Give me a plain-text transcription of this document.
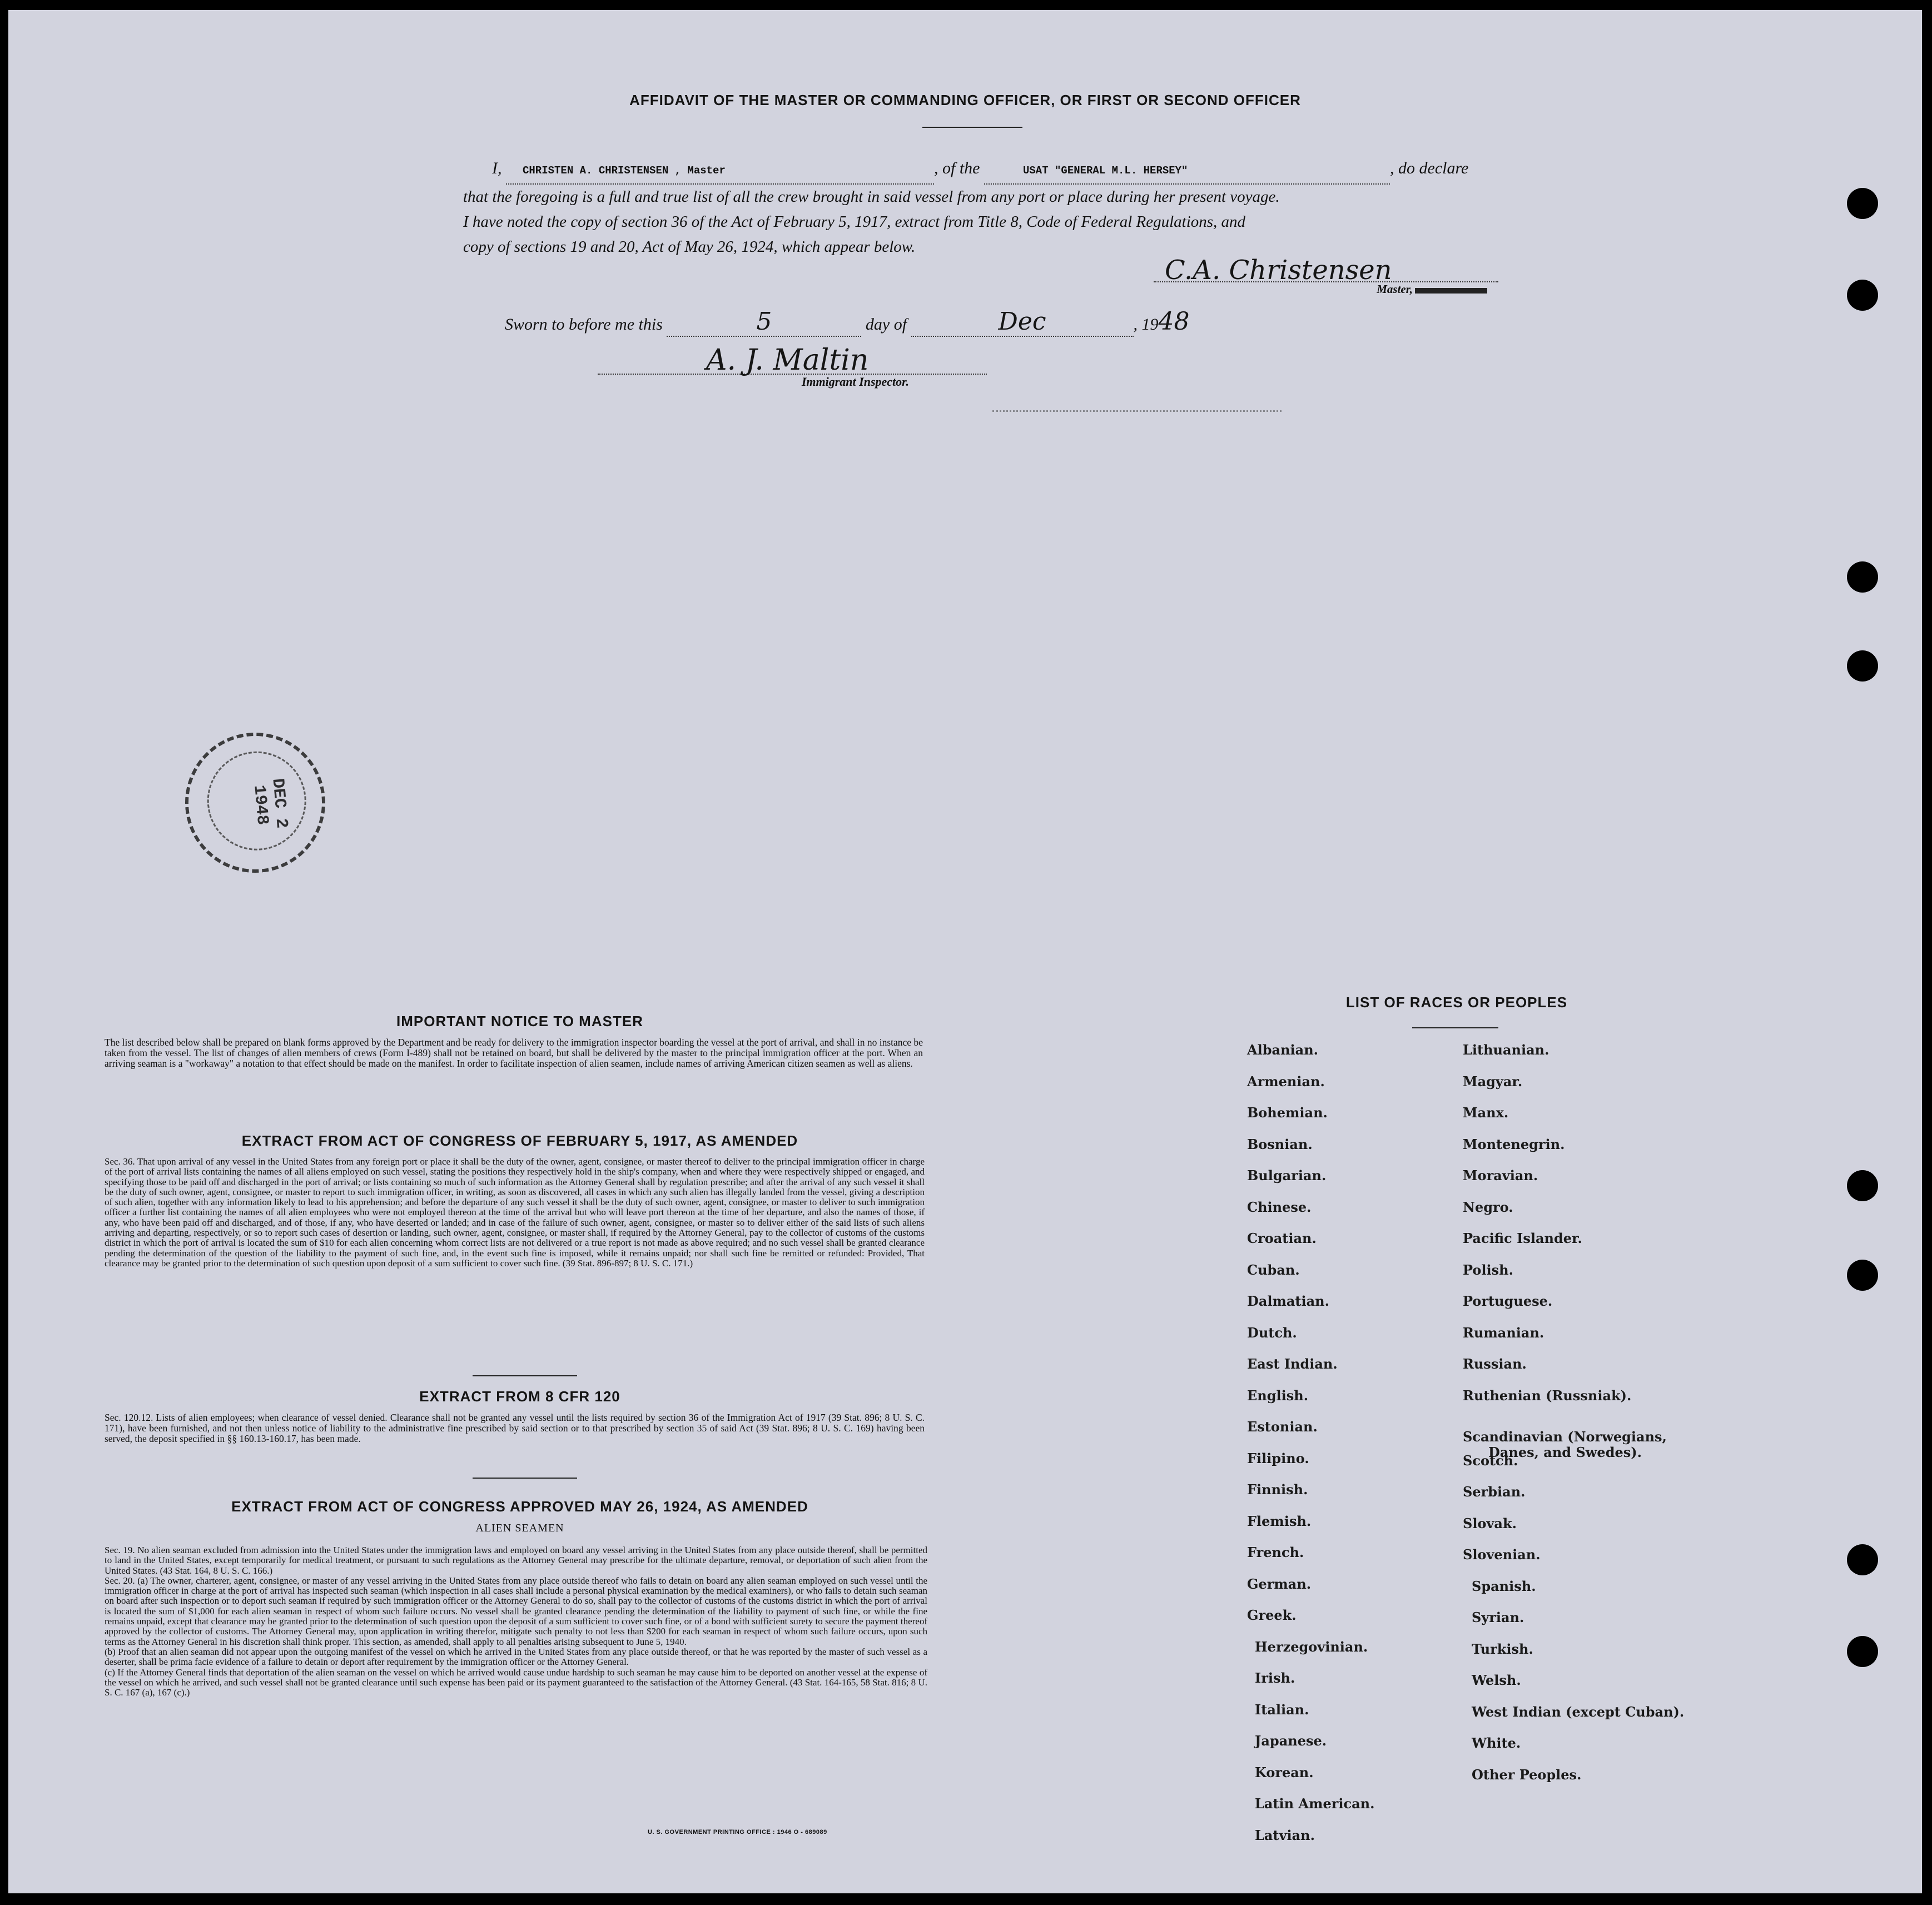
AFFIDAVIT OF THE MASTER OR COMMANDING OFFICER, OR FIRST OR SECOND OFFICER
I, CHRISTEN A. CHRISTENSEN , Master	, of the	USAT "GENERAL M.L. HERSEY"	, do declare
that the foregoing is a full and true list of all the crew brought in said vessel from any port or place during her present voyage.
I have noted the copy of section 36 of the Act of February 5, 1917, extract from Title 8, Code of Federal Regulations, and
copy of sections 19 and 20, Act of May 26, 1924, which appear below.
C.A. Christensen
Master,
Sworn to before me this	5	day of	Dec	, 1948
A. J. Maltin
Immigrant Inspector.
DEC 2 1948
IMPORTANT NOTICE TO MASTER
The list described below shall be prepared on blank forms approved by the Department and be ready for delivery to the immigration inspector boarding the vessel at the port of arrival, and shall in no instance be taken from the vessel. The list of changes of alien members of crews (Form I-489) shall not be retained on board, but shall be delivered by the master to the principal immigration officer at the port. When an arriving seaman is a "workaway" a notation to that effect should be made on the manifest. In order to facilitate inspection of alien seamen, include names of arriving American citizen seamen as well as aliens.
EXTRACT FROM ACT OF CONGRESS OF FEBRUARY 5, 1917, AS AMENDED
Sec. 36. That upon arrival of any vessel in the United States from any foreign port or place it shall be the duty of the owner, agent, consignee, or master thereof to deliver to the principal immigration officer in charge of the port of arrival lists containing the names of all aliens employed on such vessel, stating the positions they respectively hold in the ship's company, when and where they were respectively shipped or engaged, and specifying those to be paid off and discharged in the port of arrival; or lists containing so much of such information as the Attorney General shall by regulation prescribe; and after the arrival of any such vessel it shall be the duty of such owner, agent, consignee, or master to report to such immigration officer, in writing, as soon as discovered, all cases in which any such alien has illegally landed from the vessel, giving a description of such alien, together with any information likely to lead to his apprehension; and before the departure of any such vessel it shall be the duty of such owner, agent, consignee, or master to deliver to such immigration officer a further list containing the names of all alien employees who were not employed thereon at the time of the arrival but who will leave port thereon at the time of her departure, and also the names of those, if any, who have been paid off and discharged, and of those, if any, who have deserted or landed; and in case of the failure of such owner, agent, consignee, or master so to deliver either of the said lists of such aliens arriving and departing, respectively, or so to report such cases of desertion or landing, such owner, agent, consignee, or master shall, if required by the Attorney General, pay to the collector of customs of the customs district in which the port of arrival is located the sum of $10 for each alien concerning whom correct lists are not delivered or a true report is not made as above required; and no such vessel shall be granted clearance pending the determination of the question of the liability to the payment of such fine, and, in the event such fine is imposed, while it remains unpaid; nor shall such fine be remitted or refunded: Provided, That clearance may be granted prior to the determination of such question upon deposit of a sum sufficient to cover such fine. (39 Stat. 896-897; 8 U. S. C. 171.)
EXTRACT FROM 8 CFR 120
Sec. 120.12. Lists of alien employees; when clearance of vessel denied. Clearance shall not be granted any vessel until the lists required by section 36 of the Immigration Act of 1917 (39 Stat. 896; 8 U. S. C. 171), have been furnished, and not then unless notice of liability to the administrative fine prescribed by said section or to that prescribed by section 35 of said Act (39 Stat. 896; 8 U. S. C. 169) having been served, the deposit specified in §§ 160.13-160.17, has been made.
EXTRACT FROM ACT OF CONGRESS APPROVED MAY 26, 1924, AS AMENDED
ALIEN SEAMEN
Sec. 19. No alien seaman excluded from admission into the United States under the immigration laws and employed on board any vessel arriving in the United States from any place outside thereof, shall be permitted to land in the United States, except temporarily for medical treatment, or pursuant to such regulations as the Attorney General may prescribe for the ultimate departure, removal, or deportation of such alien from the United States. (43 Stat. 164, 8 U. S. C. 166.)
Sec. 20. (a) The owner, charterer, agent, consignee, or master of any vessel arriving in the United States from any place outside thereof who fails to detain on board any alien seaman employed on such vessel until the immigration officer in charge at the port of arrival has inspected such seaman (which inspection in all cases shall include a personal physical examination by the medical examiners), or who fails to detain such seaman on board after such inspection or to deport such seaman if required by such immigration officer or the Attorney General to do so, shall pay to the collector of customs of the customs district in which the port of arrival is located the sum of $1,000 for each alien seaman in respect of whom such failure occurs. No vessel shall be granted clearance pending the determination of the liability to payment of such fine, or while the fine remains unpaid, except that clearance may be granted prior to the determination of such question upon the deposit of a sum sufficient to cover such fine, or of a bond with sufficient surety to secure the payment thereof approved by the collector of customs. The Attorney General may, upon application in writing therefor, mitigate such penalty to not less than $200 for each seaman in respect of whom such failure occurs, upon such terms as the Attorney General in his discretion shall think proper. This section, as amended, shall apply to all penalties arising subsequent to June 5, 1940.
(b) Proof that an alien seaman did not appear upon the outgoing manifest of the vessel on which he arrived in the United States from any place outside thereof, or that he was reported by the master of such vessel as a deserter, shall be prima facie evidence of a failure to detain or deport after requirement by the immigration officer or the Attorney General.
(c) If the Attorney General finds that deportation of the alien seaman on the vessel on which he arrived would cause undue hardship to such seaman he may cause him to be deported on another vessel at the expense of the vessel on which he arrived, and such vessel shall not be granted clearance until such expense has been paid or its payment guaranteed to the satisfaction of the Attorney General. (43 Stat. 164-165, 58 Stat. 816; 8 U. S. C. 167 (a), 167 (c).)
U. S. GOVERNMENT PRINTING OFFICE : 1946 O - 689089
LIST OF RACES OR PEOPLES
Albanian.
Armenian.
Bohemian.
Bosnian.
Bulgarian.
Chinese.
Croatian.
Cuban.
Dalmatian.
Dutch.
East Indian.
English.
Estonian.
Filipino.
Finnish.
Flemish.
French.
German.
Greek.
Herzegovinian.
Irish.
Italian.
Japanese.
Korean.
Latin American.
Latvian.
Lithuanian.
Magyar.
Manx.
Montenegrin.
Moravian.
Negro.
Pacific Islander.
Polish.
Portuguese.
Rumanian.
Russian.
Ruthenian (Russniak).
Scandinavian (Norwegians,
Danes, and Swedes).
Scotch.
Serbian.
Slovak.
Slovenian.
Spanish.
Syrian.
Turkish.
Welsh.
West Indian (except Cuban).
White.
Other Peoples.
